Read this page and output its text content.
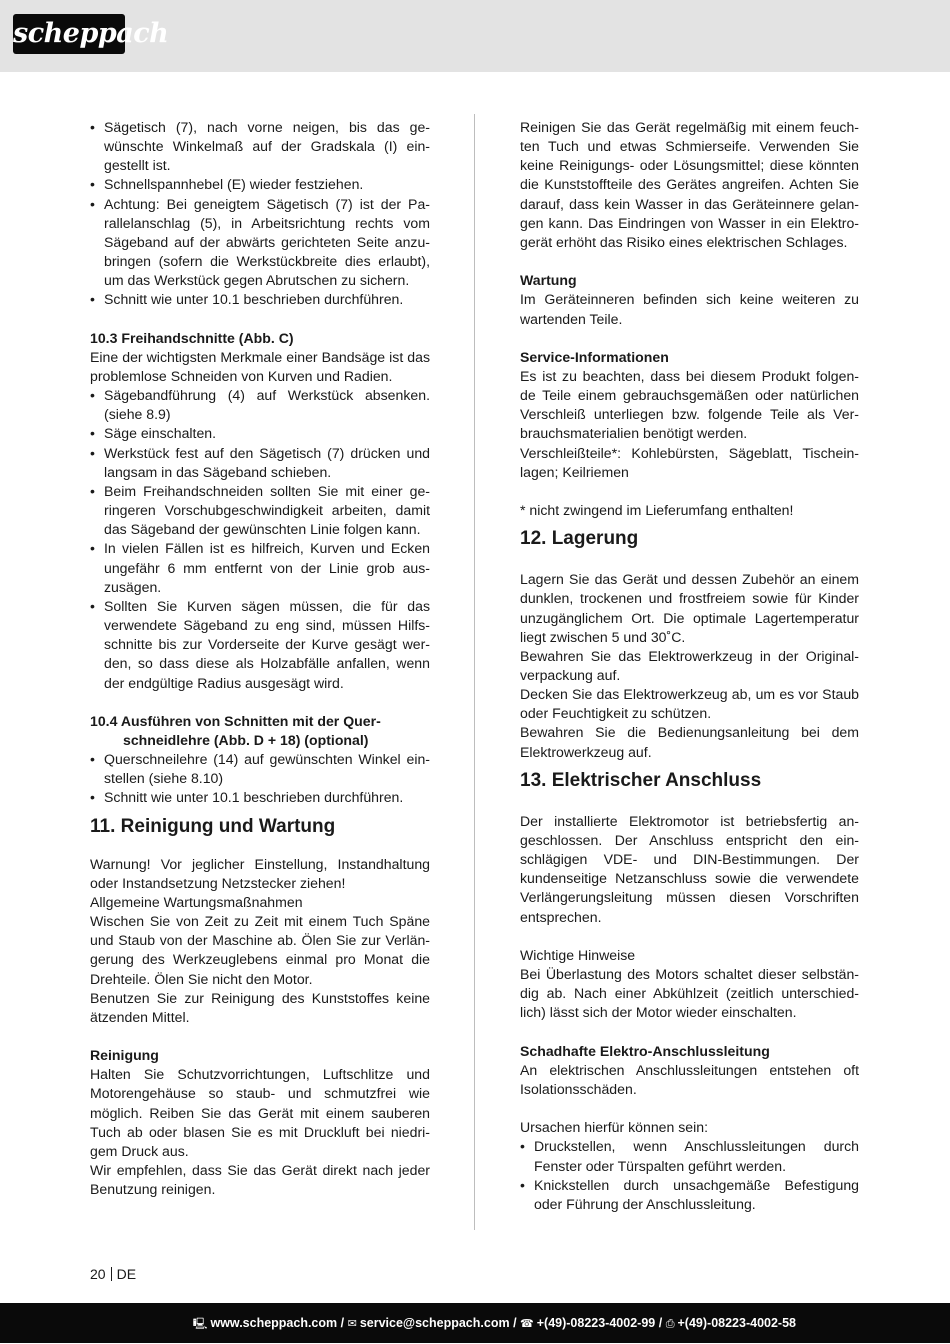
scheppach
• Sägetisch (7), nach vorne neigen, bis das ge- wünschte Winkelmaß auf der Gradskala (I) ein- gestellt ist.
• Schnellspannhebel (E) wieder festziehen.
• Achtung: Bei geneigtem Sägetisch (7) ist der Pa- rallelanschlag (5), in Arbeitsrichtung rechts vom Sägeband auf der abwärts gerichteten Seite anzu- bringen (sofern die Werkstückbreite dies erlaubt), um das Werkstück gegen Abrutschen zu sichern.
• Schnitt wie unter 10.1 beschrieben durchführen.

10.3 Freihandschnitte (Abb. C)

Eine der wichtigsten Merkmale einer Bandsäge ist das problemlose Schneiden von Kurven und Radien.

• Sägebandführung (4) auf Werkstück absenken. (siehe 8.9)
• Säge einschalten.
• Werkstück fest auf den Sägetisch (7) drücken und langsam in das Sägeband schieben.
• Beim Freihandschneiden sollten Sie mit einer ge- ringeren Vorschubgeschwindigkeit arbeiten, damit das Sägeband der gewünschten Linie folgen kann.
• In vielen Fällen ist es hilfreich, Kurven und Ecken ungefähr 6 mm entfernt von der Linie grob aus- zusägen.
• Sollten Sie Kurven sägen müssen, die für das verwendete Sägeband zu eng sind, müssen Hilfs- schnitte bis zur Vorderseite der Kurve gesägt wer- den, so dass diese als Holzabfälle anfallen, wenn der endgültige Radius ausgesägt wird.

10.4 Ausführen von Schnitten mit der Quer-

schneidlehre (Abb. D + 18) (optional)

• Querschneilehre (14) auf gewünschten Winkel ein- stellen (siehe 8.10)
• Schnitt wie unter 10.1 beschrieben durchführen.
11. Reinigung und Wartung

Warnung! Vor jeglicher Einstellung, Instandhaltung oder Instandsetzung Netzstecker ziehen!

Allgemeine Wartungsmaßnahmen

Wischen Sie von Zeit zu Zeit mit einem Tuch Späne und Staub von der Maschine ab. Ölen Sie zur Verlän- gerung des Werkzeuglebens einmal pro Monat die Drehteile. Ölen Sie nicht den Motor.

Benutzen Sie zur Reinigung des Kunststoffes keine ätzenden Mittel.

Reinigung

Halten Sie Schutzvorrichtungen, Luftschlitze und Motorengehäuse so staub- und schmutzfrei wie möglich. Reiben Sie das Gerät mit einem sauberen Tuch ab oder blasen Sie es mit Druckluft bei niedri- gem Druck aus.

Wir empfehlen, dass Sie das Gerät direkt nach jeder Benutzung reinigen.

Reinigen Sie das Gerät regelmäßig mit einem feuch- ten Tuch und etwas Schmierseife. Verwenden Sie keine Reinigungs- oder Lösungsmittel; diese könnten die Kunststoffteile des Gerätes angreifen. Achten Sie darauf, dass kein Wasser in das Geräteinnere gelan- gen kann. Das Eindringen von Wasser in ein Elektro- gerät erhöht das Risiko eines elektrischen Schlages.

Wartung

Im Geräteinneren befinden sich keine weiteren zu wartenden Teile.

Service-Informationen

Es ist zu beachten, dass bei diesem Produkt folgen- de Teile einem gebrauchsgemäßen oder natürlichen Verschleiß unterliegen bzw. folgende Teile als Ver- brauchsmaterialien benötigt werden.

Verschleißteile*: Kohlebürsten, Sägeblatt, Tischein- lagen; Keilriemen

* nicht zwingend im Lieferumfang enthalten!

12. Lagerung

Lagern Sie das Gerät und dessen Zubehör an einem dunklen, trockenen und frostfreiem sowie für Kinder unzugänglichem Ort. Die optimale Lagertemperatur liegt zwischen 5 und 30˚C.

Bewahren Sie das Elektrowerkzeug in der Original- verpackung auf.

Decken Sie das Elektrowerkzeug ab, um es vor Staub oder Feuchtigkeit zu schützen.

Bewahren Sie die Bedienungsanleitung bei dem Elektrowerkzeug auf.

13. Elektrischer Anschluss

Der installierte Elektromotor ist betriebsfertig an- geschlossen. Der Anschluss entspricht den ein- schlägigen VDE- und DIN-Bestimmungen. Der kundenseitige Netzanschluss sowie die verwendete Verlängerungsleitung müssen diesen Vorschriften entsprechen.

Wichtige Hinweise

Bei Überlastung des Motors schaltet dieser selbstän- dig ab. Nach einer Abkühlzeit (zeitlich unterschied- lich) lässt sich der Motor wieder einschalten.

Schadhafte Elektro-Anschlussleitung

An elektrischen Anschlussleitungen entstehen oft Isolationsschäden.

Ursachen hierfür können sein:

• Druckstellen, wenn Anschlussleitungen durch Fenster oder Türspalten geführt werden.
• Knickstellen durch unsachgemäße Befestigung oder Führung der Anschlussleitung.
20 DE
🖳 www.scheppach.com / ✉ service@scheppach.com / ☎ +(49)-08223-4002-99 / ⎙ +(49)-08223-4002-58
